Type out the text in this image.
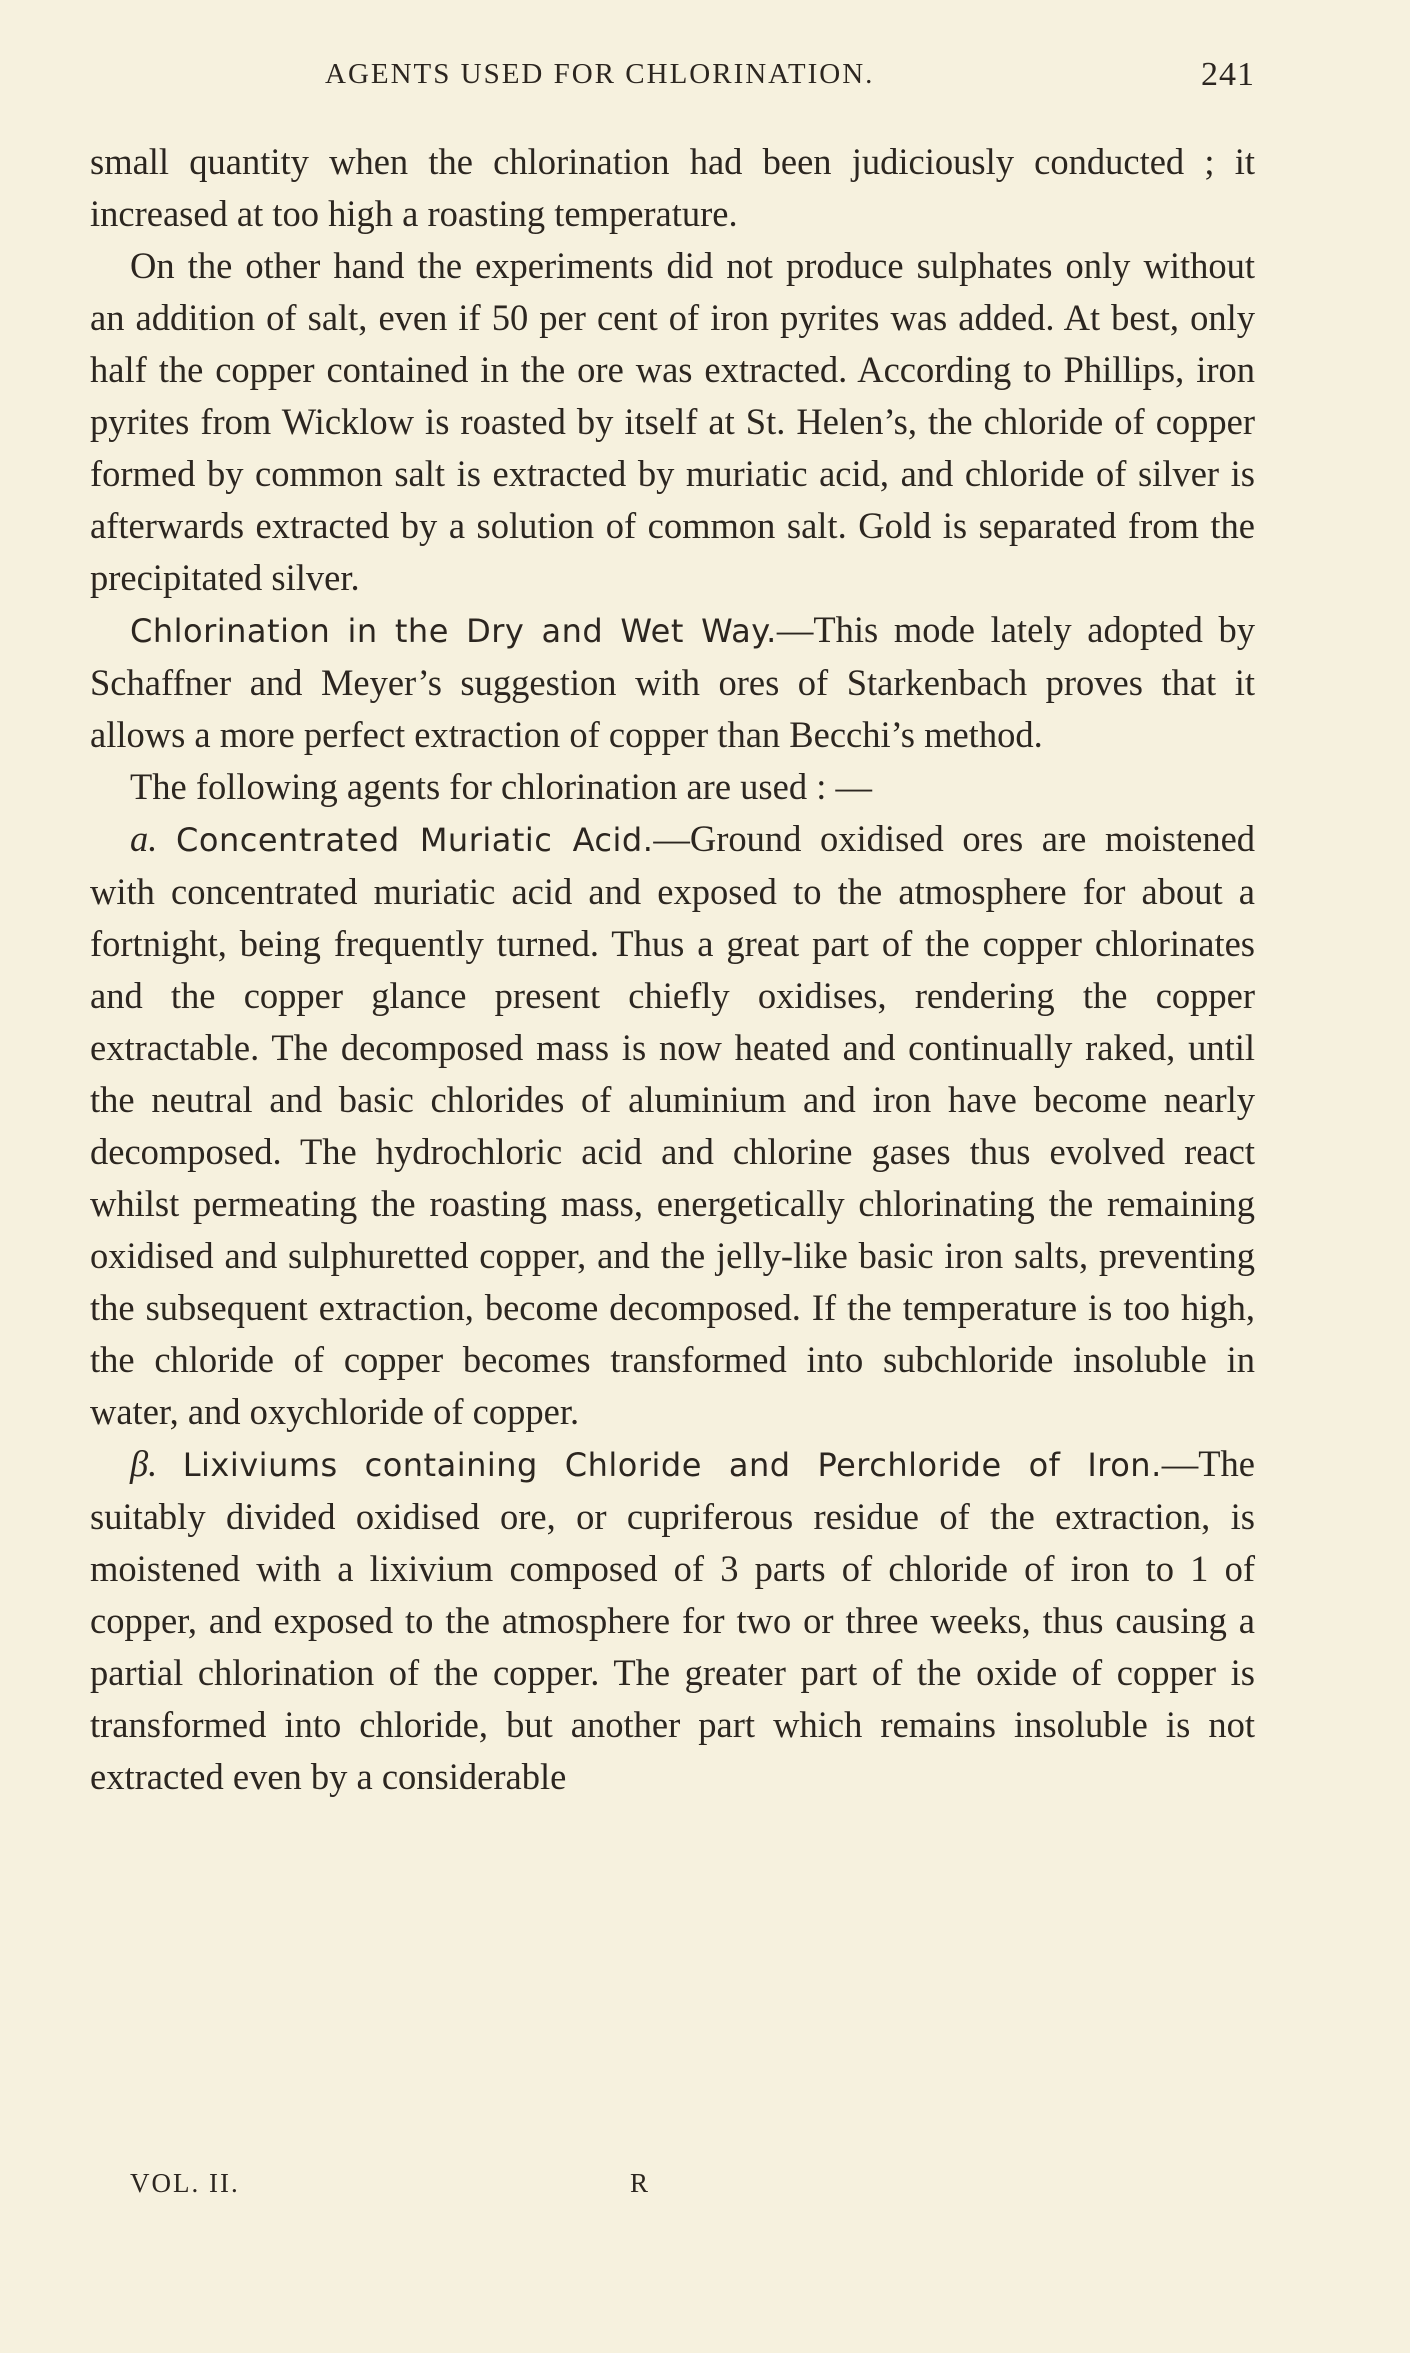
AGENTS USED FOR CHLORINATION.	241

small quantity when the chlorination had been judiciously conducted ; it increased at too high a roasting temperature.

On the other hand the experiments did not produce sulphates only without an addition of salt, even if 50 per cent of iron pyrites was added. At best, only half the copper contained in the ore was extracted. According to Phillips, iron pyrites from Wicklow is roasted by itself at St. Helen’s, the chloride of copper formed by common salt is extracted by muriatic acid, and chloride of silver is afterwards extracted by a solution of common salt. Gold is separated from the precipitated silver.

Chlorination in the Dry and Wet Way.—This mode lately adopted by Schaffner and Meyer’s suggestion with ores of Starkenbach proves that it allows a more perfect extraction of copper than Becchi’s method.

The following agents for chlorination are used : —

a. Concentrated Muriatic Acid.—Ground oxidised ores are moistened with concentrated muriatic acid and exposed to the atmosphere for about a fortnight, being frequently turned. Thus a great part of the copper chlorinates and the copper glance present chiefly oxidises, rendering the copper extractable. The decomposed mass is now heated and continually raked, until the neutral and basic chlorides of aluminium and iron have become nearly decomposed. The hydrochloric acid and chlorine gases thus evolved react whilst permeating the roasting mass, energetically chlorinating the remaining oxidised and sulphuretted copper, and the jelly-like basic iron salts, preventing the subsequent extraction, become decomposed. If the temperature is too high, the chloride of copper becomes transformed into subchloride insoluble in water, and oxychloride of copper.

β. Lixiviums containing Chloride and Perchloride of Iron.—The suitably divided oxidised ore, or cupriferous residue of the extraction, is moistened with a lixivium composed of 3 parts of chloride of iron to 1 of copper, and exposed to the atmosphere for two or three weeks, thus causing a partial chlorination of the copper. The greater part of the oxide of copper is transformed into chloride, but another part which remains insoluble is not extracted even by a considerable

VOL. II.	R
